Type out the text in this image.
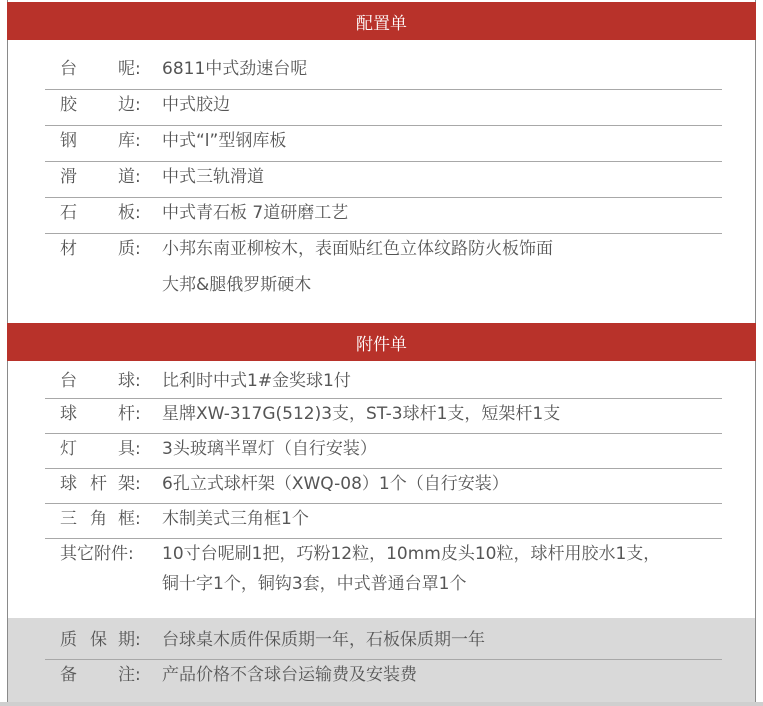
配置单
附件单
台 呢: 6811中式劲速台呢
胶 边: 中式胶边
钢 库: 中式“l”型钢库板
滑 道: 中式三轨滑道
石 板: 中式青石板 7道研磨工艺
材 质: 小邦东南亚柳桉木，表面贴红色立体纹路防火板饰面
大邦&腿俄罗斯硬木
台 球: 比利时中式1#金奖球1付
球 杆: 星牌XW-317G(512)3支，ST-3球杆1支，短架杆1支
灯 具: 3头玻璃半罩灯（自行安装）
球 杆 架: 6孔立式球杆架（XWQ-08）1个（自行安装）
三 角 框: 木制美式三角框1个
其它附件: 10寸台呢刷1把，巧粉12粒，10mm皮头10粒，球杆用胶水1支，
铜十字1个，铜钩3套，中式普通台罩1个
质 保 期: 台球桌木质件保质期一年，石板保质期一年
备 注: 产品价格不含球台运输费及安装费
